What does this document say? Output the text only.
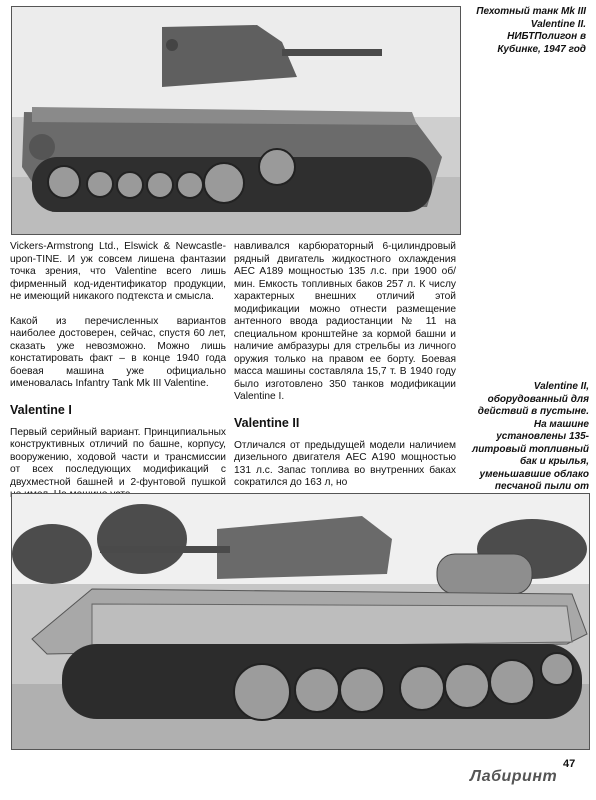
Пехотный танк Mk III Valentine II. НИБТПолигон в Кубинке, 1947 год

Vickers-Armstrong Ltd., Elswick & Newcastle-upon-TINE. И уж совсем лишена фантазии точка зрения, что Valentine всего лишь фирменный код-идентификатор продукции, не имеющий никакого подтекста и смысла.

Какой из перечисленных вариантов наиболее достоверен, сейчас, спустя 60 лет, сказать уже невозможно. Можно лишь констатировать факт – в конце 1940 года боевая машина уже официально именовалась Infantry Tank Mk III Valentine.

Valentine I

Первый серийный вариант. Принципиальных конструктивных отличий по башне, корпусу, вооружению, ходовой части и трансмиссии от всех последующих модификаций с двухместной башней и 2-фунтовой пушкой

навливался карбюраторный 6-цилиндровый рядный двигатель жидкостного охлаждения AEC A189 мощностью 135 л.с. при 1900 об/мин. Емкость топливных баков 257 л. К числу характерных внешних отличий этой модификации можно отнести размещение антенного ввода радиостанции № 11 на специальном кронштейне за кормой башни и наличие амбразуры для стрельбы из личного оружия только на правом ее борту. Боевая масса машины составляла 15,7 т. В 1940 году было изготовлено 350 танков модификации Valentine I.

Valentine II

Отличался от предыдущей модели наличием дизельного двигателя AEC A190 мощностью 131 л.с. Запас топлива во внутренних баках сократился до 163 л, но

Valentine II, оборудованный для действий в пустыне. На машине установлены 135-литровый топливный бак и крылья, уменьшавшие облако песчаной пыли от
47
Лабиринт
